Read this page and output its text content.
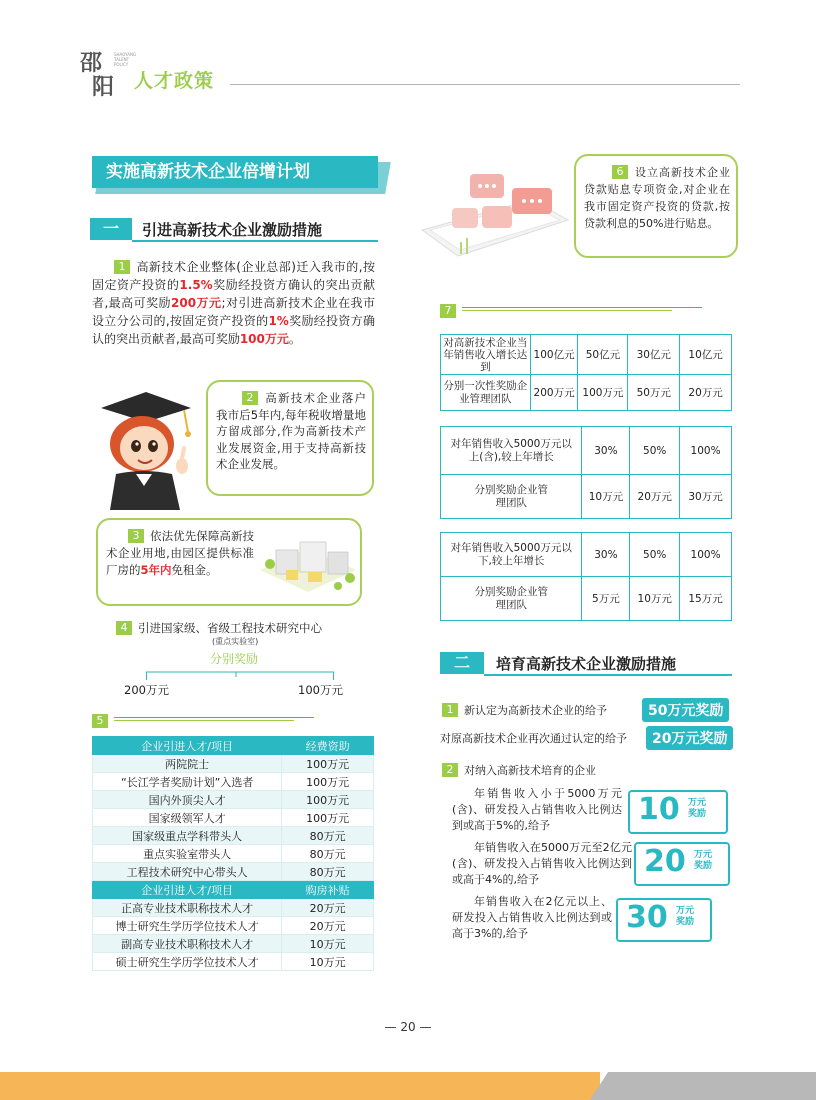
邵
阳
SHAOYANG TALENT POLICY
人才政策
实施高新技术企业倍增计划
一	引进高新技术企业激励措施
1 高新技术企业整体(企业总部)迁入我市的,按固定资产投资的1.5%奖励经投资方确认的突出贡献者,最高可奖励200万元;对引进高新技术企业在我市设立分公司的,按固定资产投资的1%奖励经投资方确认的突出贡献者,最高可奖励100万元。
2 高新技术企业落户我市后5年内,每年税收增量地方留成部分,作为高新技术产业发展资金,用于支持高新技术企业发展。
3 依法优先保障高新技术企业用地,由园区提供标准厂房的5年内免租金。
4 引进国家级、省级工程技术研究中心
(重点实验室)
分别奖励
200万元	100万元
5
企业引进人才/项目	经费资助
两院院士	100万元
“长江学者奖励计划”入选者	100万元
国内外顶尖人才	100万元
国家级领军人才	100万元
国家级重点学科带头人	80万元
重点实验室带头人	80万元
工程技术研究中心带头人	80万元
企业引进人才/项目	购房补贴
正高专业技术职称技术人才	20万元
博士研究生学历学位技术人才	20万元
副高专业技术职称技术人才	10万元
硕士研究生学历学位技术人才	10万元
6 设立高新技术企业贷款贴息专项资金,对企业在我市固定资产投资的贷款,按贷款利息的50%进行贴息。
7
对高新技术企业当年销售收入增长达到	100亿元	50亿元	30亿元	10亿元
分别一次性奖励企业管理团队	200万元	100万元	50万元	20万元
对年销售收入5000万元以上(含),较上年增长	30%	50%	100%
分别奖励企业管理团队	10万元	20万元	30万元
对年销售收入5000万元以下,较上年增长	30%	50%	100%
分别奖励企业管理团队	5万元	10万元	15万元
二	培育高新技术企业激励措施
1 新认定为高新技术企业的给予	50万元奖励
对原高新技术企业再次通过认定的给予	20万元奖励
2 对纳入高新技术培育的企业
年销售收入小于5000万元(含)、研发投入占销售收入比例达到或高于5%的,给予	10 万元
奖励
年销售收入在5000万元至2亿元(含)、研发投入占销售收入比例达到或高于4%的,给予
20 万元
奖励
年销售收入在2亿元以上、研发投入占销售收入比例达到或高于3%的,给予	30 万元
奖励
— 20 —
